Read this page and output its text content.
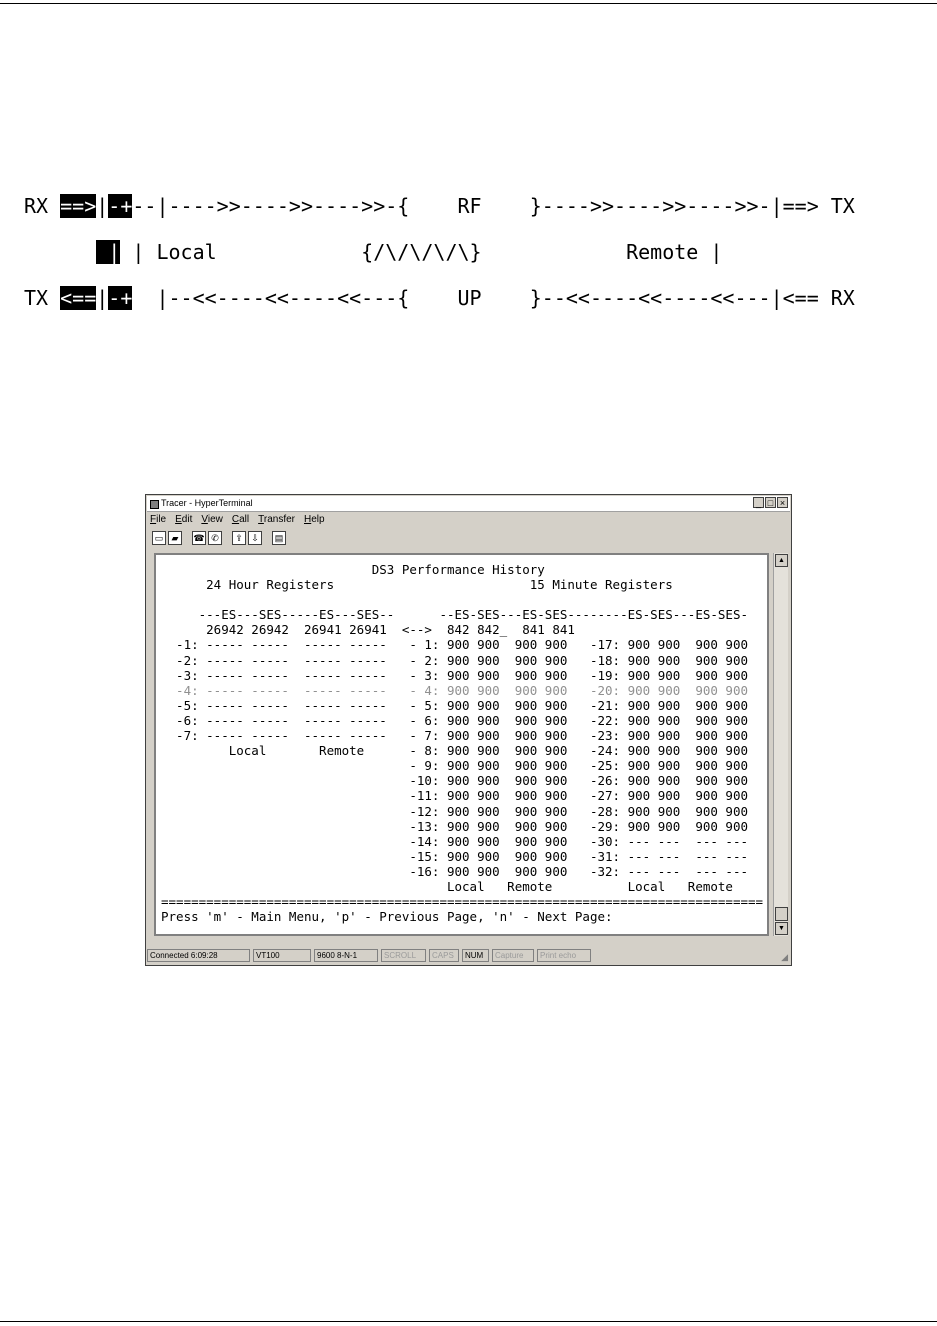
RX ==>|-+--|---->>---->>---->>-{    RF    }---->>---->>---->>-|==> TX

| | Local            {/\/\/\/\}            Remote |

TX <==|-+  |--<<----<<----<<---{    UP    }--<<----<<----<<---|<== RX

Tracer - HyperTerminal	_ □ ×
File Edit View Call Transfer Help
▭ ▰	☎ ✆	⇪ ⇩	▤
DS3 Performance History
24 Hour Registers                          15 Minute Registers

---ES---SES-----ES---SES--      --ES-SES---ES-SES--------ES-SES---ES-SES-
26942 26942  26941 26941  <-->  842 842_  841 841
-1: ----- -----  ----- -----   - 1: 900 900  900 900   -17: 900 900  900 900
-2: ----- -----  ----- -----   - 2: 900 900  900 900   -18: 900 900  900 900
-3: ----- -----  ----- -----   - 3: 900 900  900 900   -19: 900 900  900 900
-4: ----- -----  ----- -----   - 4: 900 900  900 900   -20: 900 900  900 900
-5: ----- -----  ----- -----   - 5: 900 900  900 900   -21: 900 900  900 900
-6: ----- -----  ----- -----   - 6: 900 900  900 900   -22: 900 900  900 900
-7: ----- -----  ----- -----   - 7: 900 900  900 900   -23: 900 900  900 900
Local       Remote      - 8: 900 900  900 900   -24: 900 900  900 900
- 9: 900 900  900 900   -25: 900 900  900 900
-10: 900 900  900 900   -26: 900 900  900 900
-11: 900 900  900 900   -27: 900 900  900 900
-12: 900 900  900 900   -28: 900 900  900 900
-13: 900 900  900 900   -29: 900 900  900 900
-14: 900 900  900 900   -30: --- ---  --- ---
-15: 900 900  900 900   -31: --- ---  --- ---
-16: 900 900  900 900   -32: --- ---  --- ---
Local   Remote          Local   Remote
================================================================================
Press 'm' - Main Menu, 'p' - Previous Page, 'n' - Next Page:
▲
▼
Connected 6:09:28	VT100	9600 8-N-1	SCROLL	CAPS	NUM	Capture	Print echo	◢
